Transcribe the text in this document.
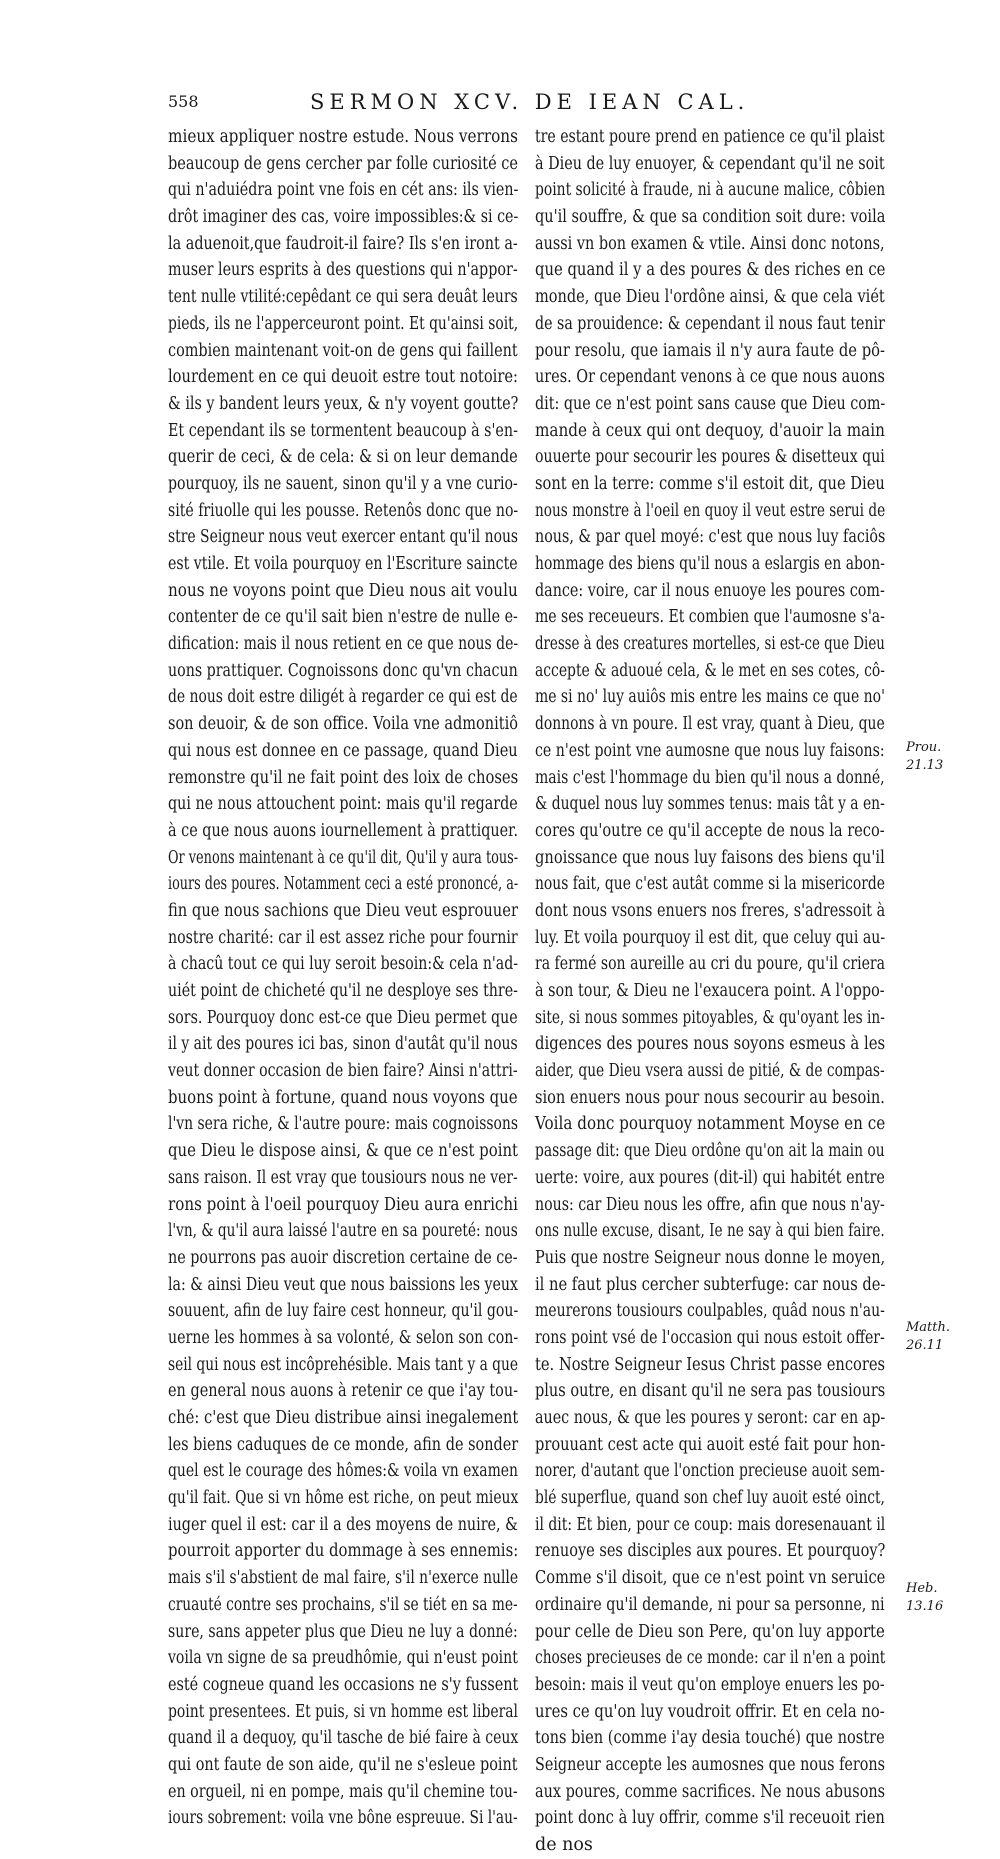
558	SERMON XCV. DE IEAN CAL.
mieux appliquer nostre estude. Nous verrons
beaucoup de gens cercher par folle curiosité ce
qui n'aduiédra point vne fois en cét ans: ils vien-
drôt imaginer des cas, voire impossibles:& si ce-
la aduenoit,que faudroit-il faire? Ils s'en iront a-
muser leurs esprits à des questions qui n'appor-
tent nulle vtilité:cepêdant ce qui sera deuât leurs
pieds, ils ne l'apperceuront point. Et qu'ainsi soit,
combien maintenant voit-on de gens qui faillent
lourdement en ce qui deuoit estre tout notoire:
& ils y bandent leurs yeux, & n'y voyent goutte?
Et cependant ils se tormentent beaucoup à s'en-
querir de ceci, & de cela: & si on leur demande
pourquoy, ils ne sauent, sinon qu'il y a vne curio-
sité friuolle qui les pousse. Retenôs donc que no-
stre Seigneur nous veut exercer entant qu'il nous
est vtile. Et voila pourquoy en l'Escriture saincte
nous ne voyons point que Dieu nous ait voulu
contenter de ce qu'il sait bien n'estre de nulle e-
dification: mais il nous retient en ce que nous de-
uons prattiquer. Cognoissons donc qu'vn chacun
de nous doit estre diligét à regarder ce qui est de
son deuoir, & de son office. Voila vne admonitiô
qui nous est donnee en ce passage, quand Dieu
remonstre qu'il ne fait point des loix de choses
qui ne nous attouchent point: mais qu'il regarde
à ce que nous auons iournellement à prattiquer.
Or venons maintenant à ce qu'il dit, Qu'il y aura tous-
iours des poures. Notamment ceci a esté prononcé, a-
fin que nous sachions que Dieu veut esprouuer
nostre charité: car il est assez riche pour fournir
à chacû tout ce qui luy seroit besoin:& cela n'ad-
uiét point de chicheté qu'il ne desploye ses thre-
sors. Pourquoy donc est-ce que Dieu permet que
il y ait des poures ici bas, sinon d'autât qu'il nous
veut donner occasion de bien faire? Ainsi n'attri-
buons point à fortune, quand nous voyons que
l'vn sera riche, & l'autre poure: mais cognoissons
que Dieu le dispose ainsi, & que ce n'est point
sans raison. Il est vray que tousiours nous ne ver-
rons point à l'oeil pourquoy Dieu aura enrichi
l'vn, & qu'il aura laissé l'autre en sa poureté: nous
ne pourrons pas auoir discretion certaine de ce-
la: & ainsi Dieu veut que nous baissions les yeux
souuent, afin de luy faire cest honneur, qu'il gou-
uerne les hommes à sa volonté, & selon son con-
seil qui nous est incôprehésible. Mais tant y a que
en general nous auons à retenir ce que i'ay tou-
ché: c'est que Dieu distribue ainsi inegalement
les biens caduques de ce monde, afin de sonder
quel est le courage des hômes:& voila vn examen
qu'il fait. Que si vn hôme est riche, on peut mieux
iuger quel il est: car il a des moyens de nuire, &
pourroit apporter du dommage à ses ennemis:
mais s'il s'abstient de mal faire, s'il n'exerce nulle
cruauté contre ses prochains, s'il se tiét en sa me-
sure, sans appeter plus que Dieu ne luy a donné:
voila vn signe de sa preudhômie, qui n'eust point
esté cogneue quand les occasions ne s'y fussent
point presentees. Et puis, si vn homme est liberal
quand il a dequoy, qu'il tasche de bié faire à ceux
qui ont faute de son aide, qu'il ne s'esleue point
en orgueil, ni en pompe, mais qu'il chemine tou-
iours sobrement: voila vne bône espreuue. Si l'au-
tre estant poure prend en patience ce qu'il plaist
à Dieu de luy enuoyer, & cependant qu'il ne soit
point solicité à fraude, ni à aucune malice, côbien
qu'il souffre, & que sa condition soit dure: voila
aussi vn bon examen & vtile. Ainsi donc notons,
que quand il y a des poures & des riches en ce
monde, que Dieu l'ordône ainsi, & que cela viét
de sa prouidence: & cependant il nous faut tenir
pour resolu, que iamais il n'y aura faute de pô-
ures. Or cependant venons à ce que nous auons
dit: que ce n'est point sans cause que Dieu com-
mande à ceux qui ont dequoy, d'auoir la main
ouuerte pour secourir les poures & disetteux qui
sont en la terre: comme s'il estoit dit, que Dieu
nous monstre à l'oeil en quoy il veut estre serui de
nous, & par quel moyé: c'est que nous luy faciôs
hommage des biens qu'il nous a eslargis en abon-
dance: voire, car il nous enuoye les poures com-
me ses receueurs. Et combien que l'aumosne s'a-
dresse à des creatures mortelles, si est-ce que Dieu
accepte & aduoué cela, & le met en ses cotes, cô-
me si no' luy auiôs mis entre les mains ce que no'
donnons à vn poure. Il est vray, quant à Dieu, que
ce n'est point vne aumosne que nous luy faisons:
mais c'est l'hommage du bien qu'il nous a donné,
& duquel nous luy sommes tenus: mais tât y a en-
cores qu'outre ce qu'il accepte de nous la reco-
gnoissance que nous luy faisons des biens qu'il
nous fait, que c'est autât comme si la misericorde
dont nous vsons enuers nos freres, s'adressoit à
luy. Et voila pourquoy il est dit, que celuy qui au-
ra fermé son aureille au cri du poure, qu'il criera
à son tour, & Dieu ne l'exaucera point. A l'oppo-
site, si nous sommes pitoyables, & qu'oyant les in-
digences des poures nous soyons esmeus à les
aider, que Dieu vsera aussi de pitié, & de compas-
sion enuers nous pour nous secourir au besoin.
Voila donc pourquoy notamment Moyse en ce
passage dit: que Dieu ordône qu'on ait la main ou
uerte: voire, aux poures (dit-il) qui habitét entre
nous: car Dieu nous les offre, afin que nous n'ay-
ons nulle excuse, disant, Ie ne say à qui bien faire.
Puis que nostre Seigneur nous donne le moyen,
il ne faut plus cercher subterfuge: car nous de-
meurerons tousiours coulpables, quâd nous n'au-
rons point vsé de l'occasion qui nous estoit offer-
te. Nostre Seigneur Iesus Christ passe encores
plus outre, en disant qu'il ne sera pas tousiours
auec nous, & que les poures y seront: car en ap-
prouuant cest acte qui auoit esté fait pour hon-
norer, d'autant que l'onction precieuse auoit sem-
blé superflue, quand son chef luy auoit esté oinct,
il dit: Et bien, pour ce coup: mais doresenauant il
renuoye ses disciples aux poures. Et pourquoy?
Comme s'il disoit, que ce n'est point vn seruice
ordinaire qu'il demande, ni pour sa personne, ni
pour celle de Dieu son Pere, qu'on luy apporte
choses precieuses de ce monde: car il n'en a point
besoin: mais il veut qu'on employe enuers les po-
ures ce qu'on luy voudroit offrir. Et en cela no-
tons bien (comme i'ay desia touché) que nostre
Seigneur accepte les aumosnes que nous ferons
aux poures, comme sacrifices. Ne nous abusons
point donc à luy offrir, comme s'il receuoit rien
de nos
Prou.
21.13
Matth.
26.11
Heb.
13.16
